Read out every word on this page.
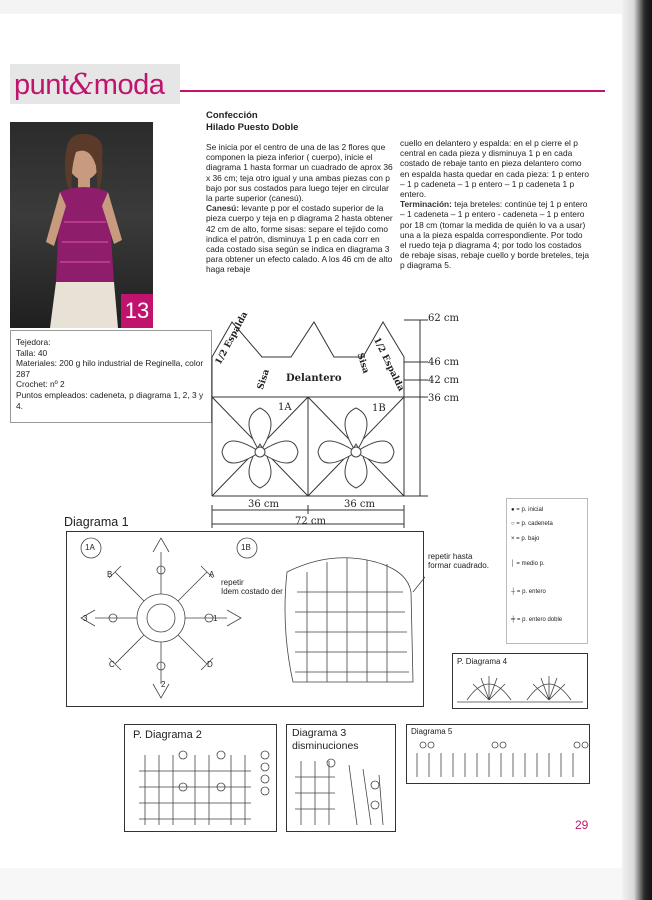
punt&moda
13
Tejedora:
Talla: 40
Materiales: 200 g hilo industrial de Reginella, color 287
Crochet: nº 2
Puntos empleados: cadeneta, p diagrama 1, 2, 3 y 4.
Confección
Hilado Puesto Doble
Se inicia por el centro de una de las 2 flores que componen la pieza inferior ( cuerpo), inicie el diagrama 1 hasta formar un cuadrado de aprox 36 x 36 cm; teja otro igual y una ambas piezas con p bajo por sus costados para luego tejer en circular la parte superior (canesú).
Canesú: levante p por el costado superior de la pieza cuerpo y teja en p diagrama 2 hasta obtener 42 cm de alto, forme sisas: separe el tejido como indica el patrón, disminuya 1 p en cada corr en cada costado sisa según se indica en diagrama 3 para obtener un efecto calado. A los 46 cm de alto haga rebaje
cuello en delantero y espalda: en el p cierre el p central en cada pieza y disminuya 1 p en cada costado de rebaje tanto en pieza delantero como en espalda hasta quedar en cada pieza: 1 p entero – 1 p cadeneta – 1 p entero – 1 p cadeneta 1 p entero.
Terminación: teja breteles: continúe tej 1 p entero – 1 cadeneta – 1 p entero - cadeneta – 1 p entero por 18 cm (tomar la medida de quién lo va a usar) una a la pieza espalda correspondiente. Por todo el ruedo teja p diagrama 4; por todo los costados de rebaje sisas, rebaje cuello y borde breteles, teja p diagrama 5.
1/2 Espalda
Sisa Delantero
Sisa 1/2 Espalda
62 cm
46 cm
42 cm
36 cm
1A	1B
36 cm	36 cm
72 cm
Diagrama 1
1A	1B
A
B
C	D
1
2
3
repetir
Idem costado der
repetir hasta
formar cuadrado.
● = p. inicial
○ = p. cadeneta
× = p. bajo
│ = medio p.
┼ = p. entero
╪ = p. entero doble
P. Diagrama 4
P. Diagrama 2	Diagrama 3
disminuciones
Diagrama 5
29
